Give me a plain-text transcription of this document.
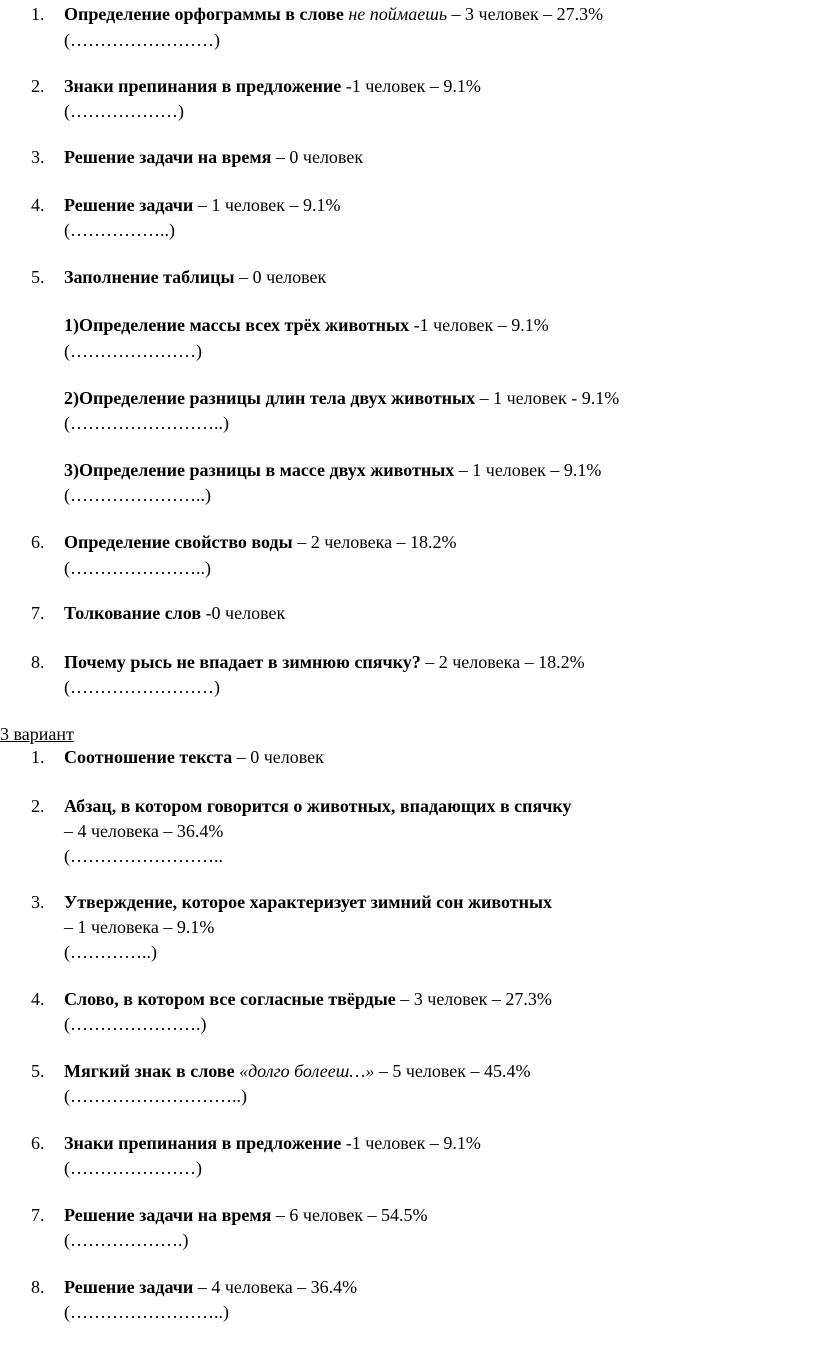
1. Определение орфограммы в слове не поймаешь – 3 человек – 27.3%
(……………………)
2. Знаки препинания в предложение -1 человек – 9.1%
(………………)
3. Решение задачи на время – 0 человек
4. Решение задачи – 1 человек – 9.1%
(……………..)
5. Заполнение таблицы – 0 человек
1)Определение массы всех трёх животных -1 человек – 9.1%
(…………………)
2)Определение разницы длин тела двух животных – 1 человек - 9.1%
(……………………..)
3)Определение разницы в массе двух животных – 1 человек – 9.1%
(…………………..)
6. Определение свойство воды – 2 человека – 18.2%
(…………………..)
7. Толкование слов -0 человек
8. Почему рысь не впадает в зимнюю спячку? – 2 человека – 18.2%
(……………………)
3 вариант
1. Соотношение текста – 0 человек
2. Абзац, в котором говорится о животных, впадающих в спячку
– 4 человека – 36.4%
(……………………..
3. Утверждение, которое характеризует зимний сон животных
– 1 человека – 9.1%
(…………..)
4. Слово, в котором все согласные твёрдые – 3 человек – 27.3%
(………………….)
5. Мягкий знак в слове «долго болееш…» – 5 человек – 45.4%
(………………………..)
6. Знаки препинания в предложение -1 человек – 9.1%
(…………………)
7. Решение задачи на время – 6 человек – 54.5%
(……………….)
8. Решение задачи – 4 человека – 36.4%
(……………………..)
